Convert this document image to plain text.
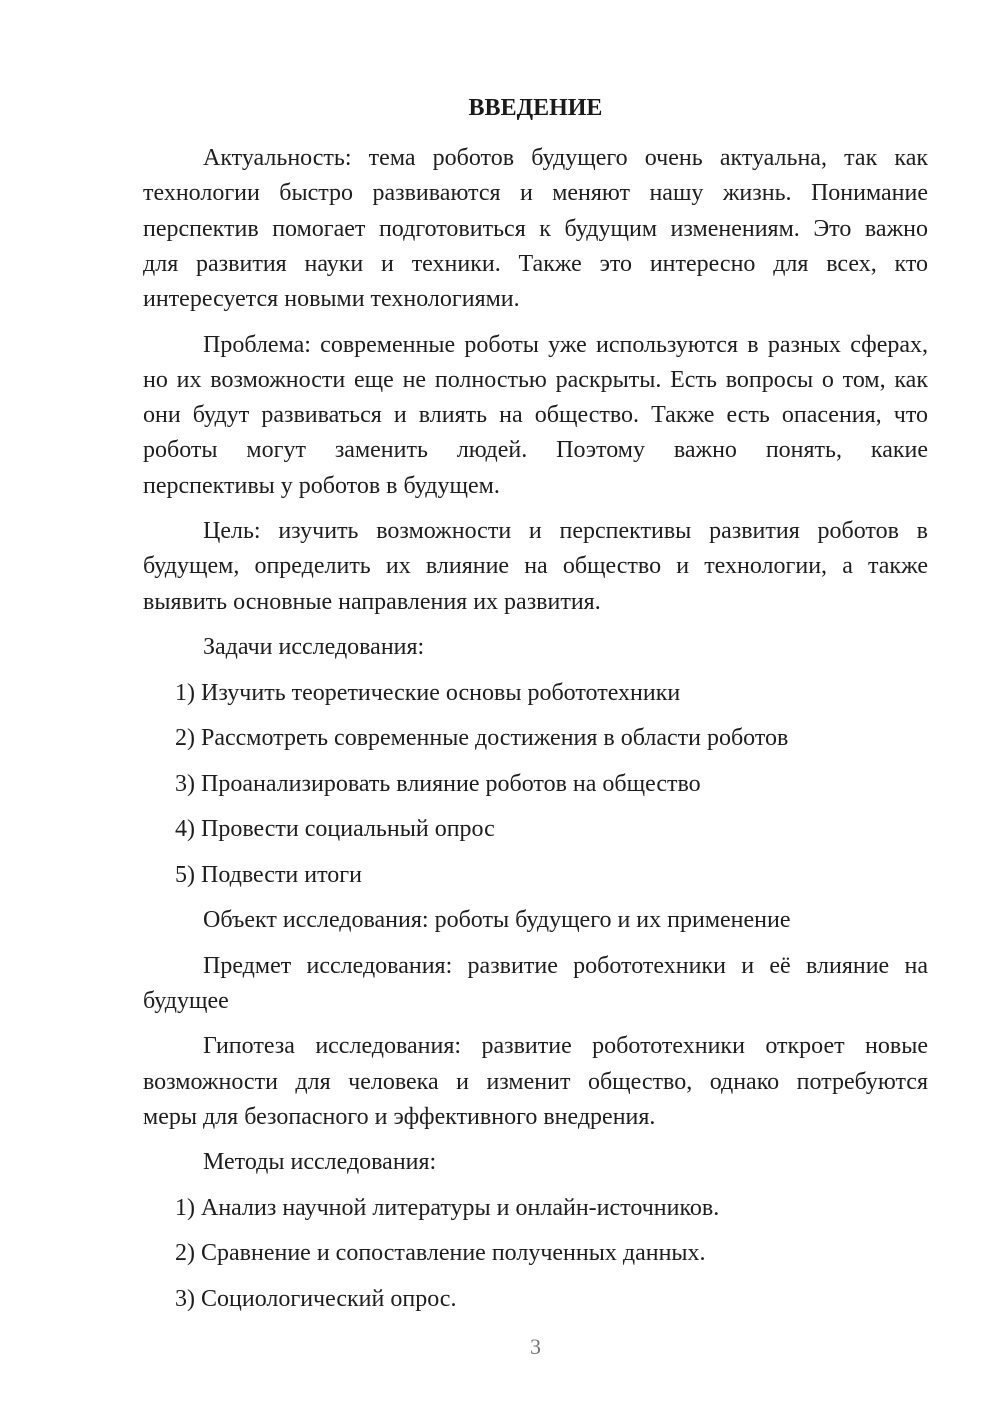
ВВЕДЕНИЕ
Актуальность: тема роботов будущего очень актуальна, так как
технологии быстро развиваются и меняют нашу жизнь. Понимание
перспектив помогает подготовиться к будущим изменениям. Это важно
для развития науки и техники. Также это интересно для всех, кто
интересуется новыми технологиями.
Проблема: современные роботы уже используются в разных сферах,
но их возможности еще не полностью раскрыты. Есть вопросы о том, как
они будут развиваться и влиять на общество. Также есть опасения, что
роботы могут заменить людей. Поэтому важно понять, какие
перспективы у роботов в будущем.
Цель: изучить возможности и перспективы развития роботов в
будущем, определить их влияние на общество и технологии, а также
выявить основные направления их развития.
Задачи исследования:
1) Изучить теоретические основы робототехники
2) Рассмотреть современные достижения в области роботов
3) Проанализировать влияние роботов на общество
4) Провести социальный опрос
5) Подвести итоги
Объект исследования: роботы будущего и их применение
Предмет исследования: развитие робототехники и её влияние на
будущее
Гипотеза исследования: развитие робототехники откроет новые
возможности для человека и изменит общество, однако потребуются
меры для безопасного и эффективного внедрения.
Методы исследования:
1) Анализ научной литературы и онлайн-источников.
2) Сравнение и сопоставление полученных данных.
3) Социологический опрос.
3
